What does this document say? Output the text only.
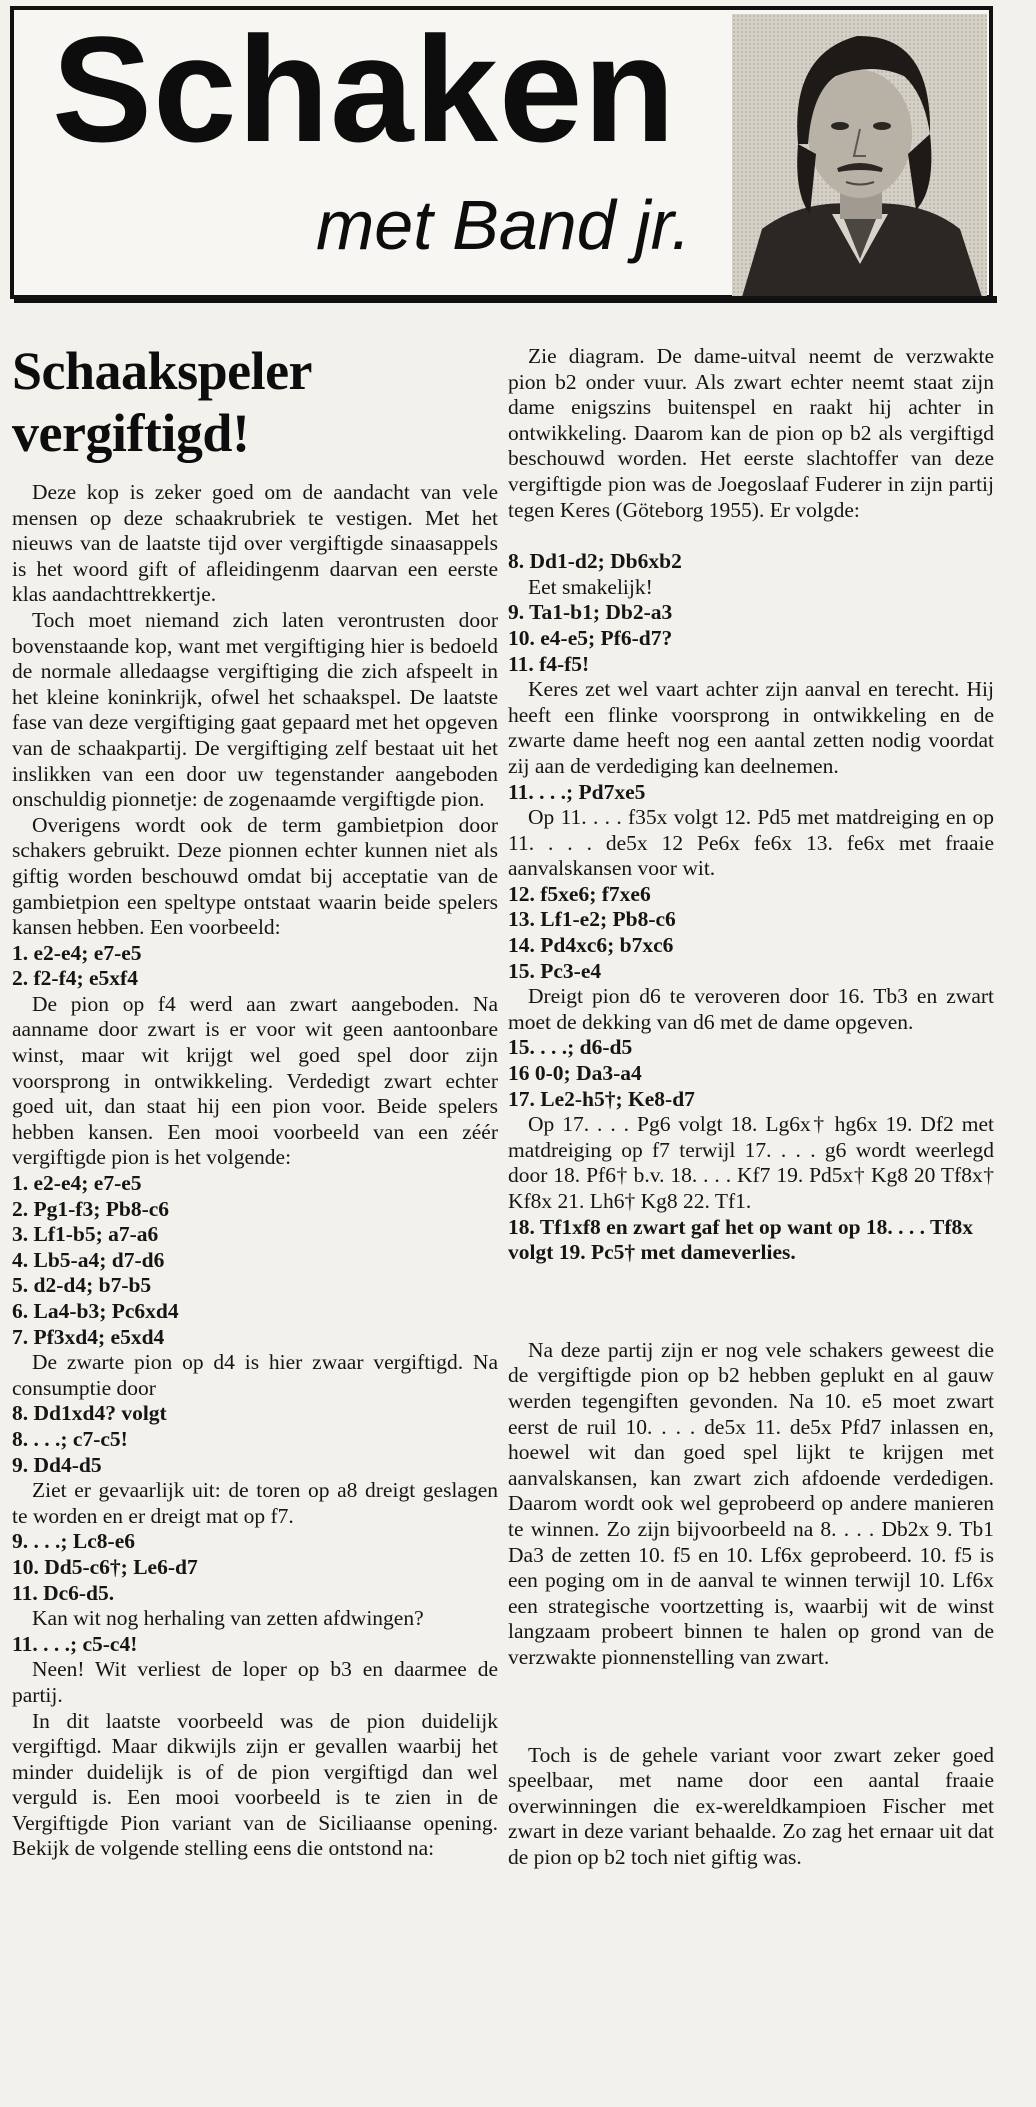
Schaken
met Band jr.
Schaakspeler
vergiftigd!

Deze kop is zeker goed om de aandacht van vele mensen op deze schaakrubriek te vestigen. Met het nieuws van de laatste tijd over vergiftigde sinaasappels is het woord gift of afleidingenm daarvan een eerste klas aandachttrekkertje.

Toch moet niemand zich laten verontrusten door bovenstaande kop, want met vergiftiging hier is bedoeld de normale alledaagse vergiftiging die zich afspeelt in het kleine koninkrijk, ofwel het schaakspel. De laatste fase van deze vergiftiging gaat gepaard met het opgeven van de schaakpartij. De vergiftiging zelf bestaat uit het inslikken van een door uw tegenstander aangeboden onschuldig pionnetje: de zogenaamde vergiftigde pion.

Overigens wordt ook de term gambietpion door schakers gebruikt. Deze pionnen echter kunnen niet als giftig worden beschouwd omdat bij acceptatie van de gambietpion een speltype ontstaat waarin beide spelers kansen hebben. Een voorbeeld:

1. e2-e4; e7-e5

2. f2-f4; e5xf4

De pion op f4 werd aan zwart aangeboden. Na aanname door zwart is er voor wit geen aantoonbare winst, maar wit krijgt wel goed spel door zijn voorsprong in ontwikkeling. Verdedigt zwart echter goed uit, dan staat hij een pion voor. Beide spelers hebben kansen. Een mooi voorbeeld van een zéér vergiftigde pion is het volgende:

1. e2-e4; e7-e5

2. Pg1-f3; Pb8-c6

3. Lf1-b5; a7-a6

4. Lb5-a4; d7-d6

5. d2-d4; b7-b5

6. La4-b3; Pc6xd4

7. Pf3xd4; e5xd4

De zwarte pion op d4 is hier zwaar vergiftigd. Na consumptie door

8. Dd1xd4? volgt

8. . . .; c7-c5!

9. Dd4-d5

Ziet er gevaarlijk uit: de toren op a8 dreigt geslagen te worden en er dreigt mat op f7.

9. . . .; Lc8-e6

10. Dd5-c6†; Le6-d7

11. Dc6-d5.

Kan wit nog herhaling van zetten afdwingen?

11. . . .; c5-c4!

Neen! Wit verliest de loper op b3 en daarmee de partij.

In dit laatste voorbeeld was de pion duidelijk vergiftigd. Maar dikwijls zijn er gevallen waarbij het minder duidelijk is of de pion vergiftigd dan wel verguld is. Een mooi voorbeeld is te zien in de Vergiftigde Pion variant van de Siciliaanse opening. Bekijk de volgende stelling eens die ontstond na:

Zie diagram. De dame-uitval neemt de verzwakte pion b2 onder vuur. Als zwart echter neemt staat zijn dame enigszins buitenspel en raakt hij achter in ontwikkeling. Daarom kan de pion op b2 als vergiftigd beschouwd worden. Het eerste slachtoffer van deze vergiftigde pion was de Joegoslaaf Fuderer in zijn partij tegen Keres (Göteborg 1955). Er volgde:

8. Dd1-d2; Db6xb2

Eet smakelijk!

9. Ta1-b1; Db2-a3

10. e4-e5; Pf6-d7?

11. f4-f5!

Keres zet wel vaart achter zijn aanval en terecht. Hij heeft een flinke voorsprong in ontwikkeling en de zwarte dame heeft nog een aantal zetten nodig voordat zij aan de verdediging kan deelnemen.

11. . . .; Pd7xe5

Op 11. . . . f35x volgt 12. Pd5 met matdreiging en op 11. . . . de5x 12 Pe6x fe6x 13. fe6x met fraaie aanvalskansen voor wit.

12. f5xe6; f7xe6

13. Lf1-e2; Pb8-c6

14. Pd4xc6; b7xc6

15. Pc3-e4

Dreigt pion d6 te veroveren door 16. Tb3 en zwart moet de dekking van d6 met de dame opgeven.

15. . . .; d6-d5

16 0-0; Da3-a4

17. Le2-h5†; Ke8-d7

Op 17. . . . Pg6 volgt 18. Lg6x† hg6x 19. Df2 met matdreiging op f7 terwijl 17. . . . g6 wordt weerlegd door 18. Pf6† b.v. 18. . . . Kf7 19. Pd5x† Kg8 20 Tf8x† Kf8x 21. Lh6† Kg8 22. Tf1.

18. Tf1xf8 en zwart gaf het op want op 18. . . . Tf8x volgt 19. Pc5† met dameverlies.

Na deze partij zijn er nog vele schakers geweest die de vergiftigde pion op b2 hebben geplukt en al gauw werden tegengiften gevonden. Na 10. e5 moet zwart eerst de ruil 10. . . . de5x 11. de5x Pfd7 inlassen en, hoewel wit dan goed spel lijkt te krijgen met aanvalskansen, kan zwart zich afdoende verdedigen. Daarom wordt ook wel geprobeerd op andere manieren te winnen. Zo zijn bijvoorbeeld na 8. . . . Db2x 9. Tb1 Da3 de zetten 10. f5 en 10. Lf6x geprobeerd. 10. f5 is een poging om in de aanval te winnen terwijl 10. Lf6x een strategische voortzetting is, waarbij wit de winst langzaam probeert binnen te halen op grond van de verzwakte pionnenstelling van zwart.

Toch is de gehele variant voor zwart zeker goed speelbaar, met name door een aantal fraaie overwinningen die ex-wereldkampioen Fischer met zwart in deze variant behaalde. Zo zag het ernaar uit dat de pion op b2 toch niet giftig was.
